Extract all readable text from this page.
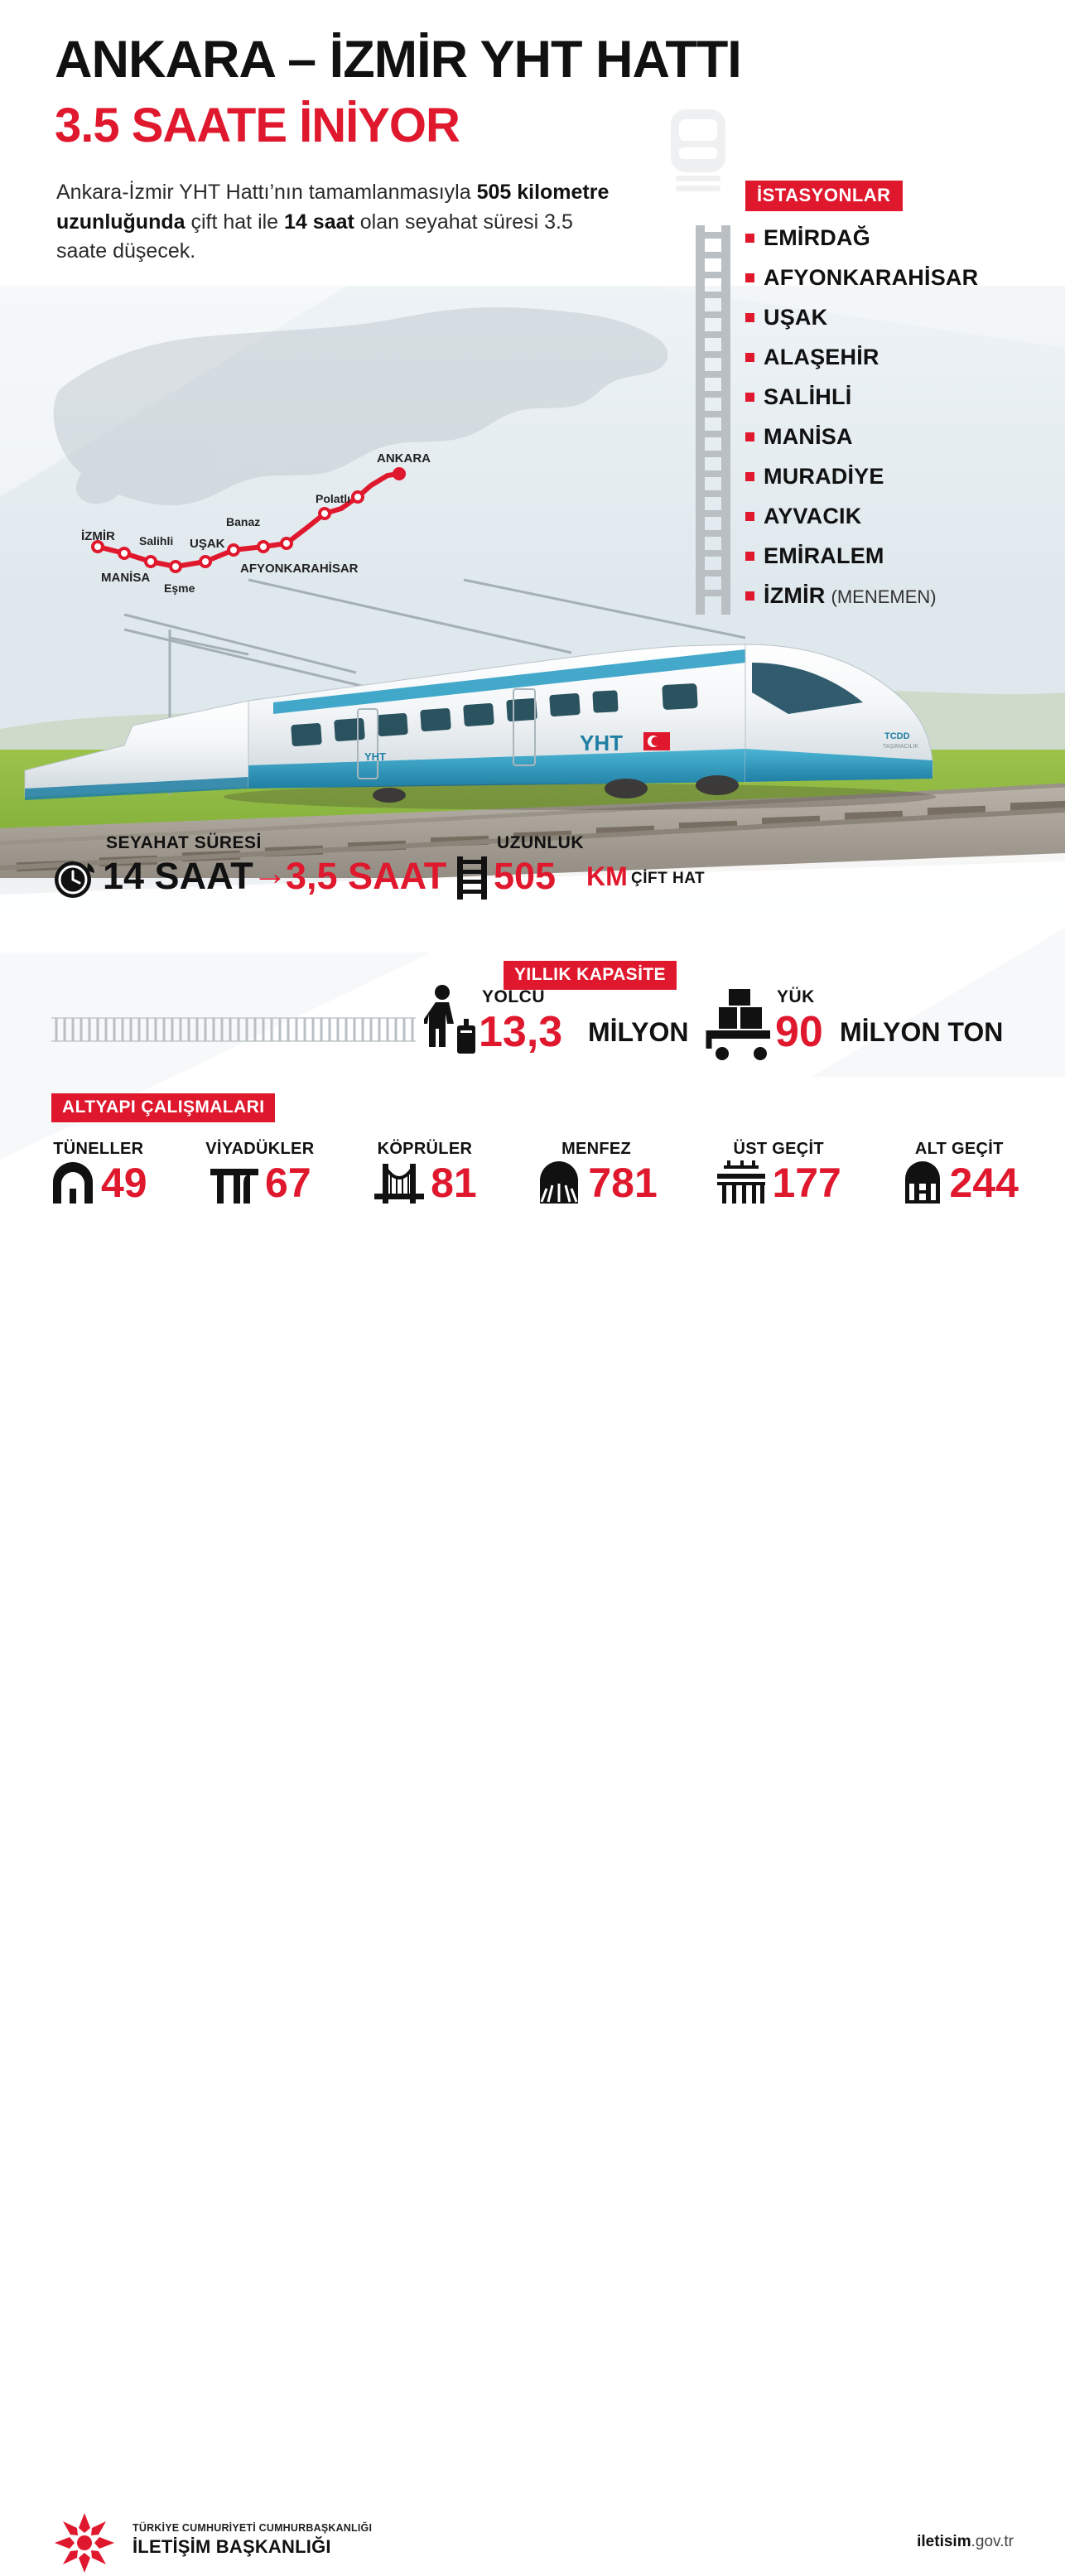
YHT
YHT
TCDD
TAŞIMACILIK
ANKARA – İZMİR YHT HATTI
3.5 SAATE İNİYOR
Ankara-İzmir YHT Hattı’nın tamamlanmasıyla 505 kilometre uzunluğunda çift hat ile 14 saat olan seyahat süresi 3.5 saate düşecek.
İSTASYONLAR
EMİRDAĞ
AFYONKARAHİSAR
UŞAK
ALAŞEHİR
SALİHLİ
MANİSA
MURADİYE
AYVACIK
EMİRALEM
İZMİR (MENEMEN)
ANKARA
Polatlı
Banaz
UŞAK
Salihli
İZMİR
MANİSA
Eşme
AFYONKARAHİSAR
SEYAHAT SÜRESİ
14 SAAT →
3,5 SAAT
UZUNLUK
505 KM ÇİFT HAT
YILLIK KAPASİTE
YOLCU
13,3 MİLYON
YÜK
90 MİLYON TON
ALTYAPI ÇALIŞMALARI
TÜNELLER
49
VİYADÜKLER
67
KÖPRÜLER
81
MENFEZ
781
ÜST GEÇİT
177
ALT GEÇİT
244
TÜRKİYE CUMHURİYETİ CUMHURBAŞKANLIĞI
İLETİŞİM BAŞKANLIĞI	iletisim.gov.tr
